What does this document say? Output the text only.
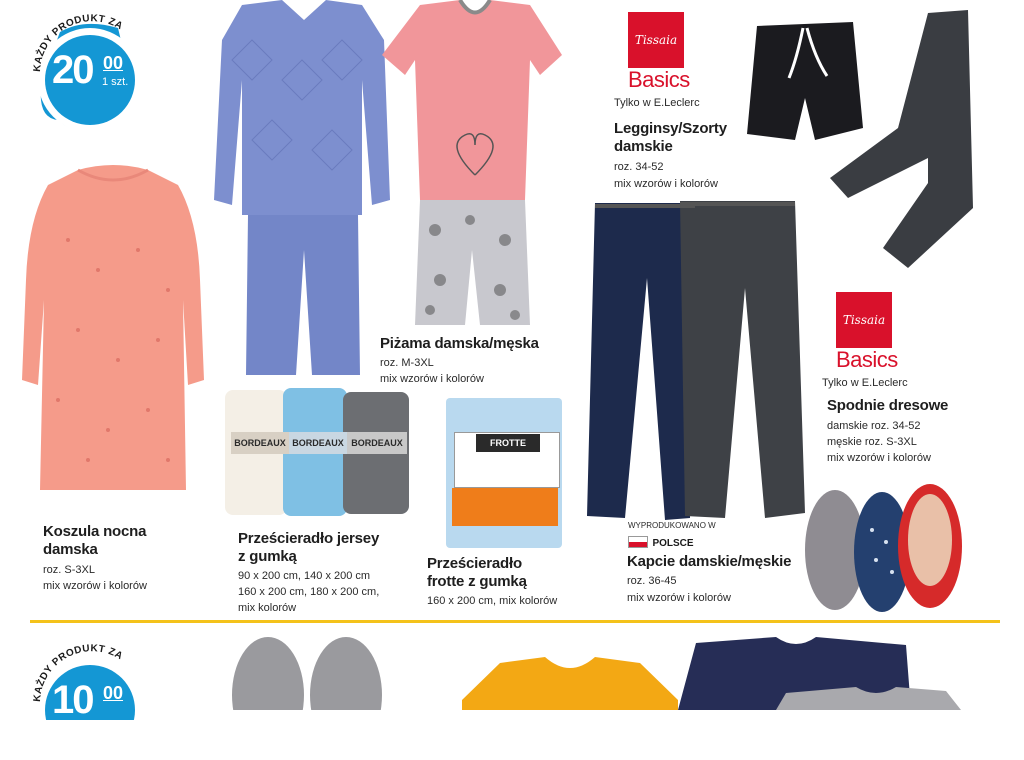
KAŻDY PRODUKT ZA
20 00
1 szt.
Koszula nocna
damska
roz. S-3XL
mix wzorów i kolorów
Piżama damska/męska
roz. M-3XL
mix wzorów i kolorów
Tissaia
Basics
Tylko w E.Leclerc
Legginsy/Szorty
damskie
roz. 34-52
mix wzorów i kolorów
Tissaia
Basics
Tylko w E.Leclerc
Spodnie dresowe
damskie roz. 34-52
męskie roz. S-3XL
mix wzorów i kolorów
BORDEAUX BORDEAUX BORDEAUX
Prześcieradło jersey
z gumką
90 x 200 cm, 140 x 200 cm
160 x 200 cm, 180 x 200 cm,
mix kolorów
FROTTE
Prześcieradło
frotte z gumką
160 x 200 cm, mix kolorów
WYPRODUKOWANO W
POLSCE
Kapcie damskie/męskie
roz. 36-45
mix wzorów i kolorów
KAŻDY PRODUKT ZA
10 00
